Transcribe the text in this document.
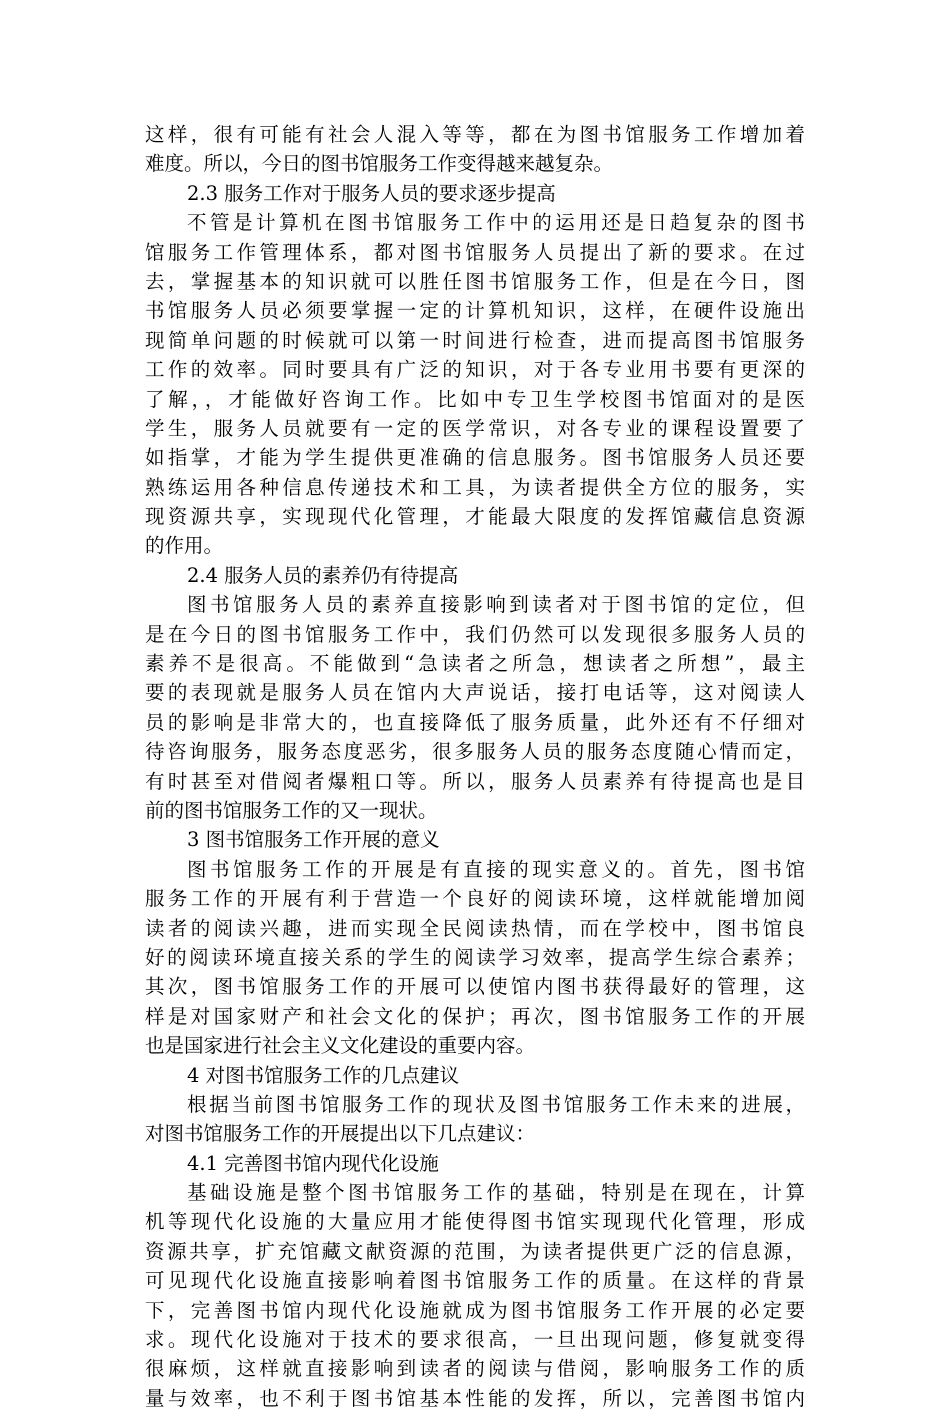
这样，很有可能有社会人混入等等，都在为图书馆服务工作增加着
难度。所以，今日的图书馆服务工作变得越来越复杂。
2.3 服务工作对于服务人员的要求逐步提高
不管是计算机在图书馆服务工作中的运用还是日趋复杂的图书
馆服务工作管理体系，都对图书馆服务人员提出了新的要求。在过
去，掌握基本的知识就可以胜任图书馆服务工作，但是在今日，图
书馆服务人员必须要掌握一定的计算机知识，这样，在硬件设施出
现简单问题的时候就可以第一时间进行检查，进而提高图书馆服务
工作的效率。同时要具有广泛的知识，对于各专业用书要有更深的
了解，，才能做好咨询工作。比如中专卫生学校图书馆面对的是医
学生，服务人员就要有一定的医学常识，对各专业的课程设置要了
如指掌，才能为学生提供更准确的信息服务。图书馆服务人员还要
熟练运用各种信息传递技术和工具，为读者提供全方位的服务，实
现资源共享，实现现代化管理，才能最大限度的发挥馆藏信息资源
的作用。
2.4 服务人员的素养仍有待提高
图书馆服务人员的素养直接影响到读者对于图书馆的定位，但
是在今日的图书馆服务工作中，我们仍然可以发现很多服务人员的
素养不是很高。不能做到“急读者之所急，想读者之所想”，最主
要的表现就是服务人员在馆内大声说话，接打电话等，这对阅读人
员的影响是非常大的，也直接降低了服务质量，此外还有不仔细对
待咨询服务，服务态度恶劣，很多服务人员的服务态度随心情而定，
有时甚至对借阅者爆粗口等。所以，服务人员素养有待提高也是目
前的图书馆服务工作的又一现状。
3 图书馆服务工作开展的意义
图书馆服务工作的开展是有直接的现实意义的。首先，图书馆
服务工作的开展有利于营造一个良好的阅读环境，这样就能增加阅
读者的阅读兴趣，进而实现全民阅读热情，而在学校中，图书馆良
好的阅读环境直接关系的学生的阅读学习效率，提高学生综合素养；
其次，图书馆服务工作的开展可以使馆内图书获得最好的管理，这
样是对国家财产和社会文化的保护；再次，图书馆服务工作的开展
也是国家进行社会主义文化建设的重要内容。
4 对图书馆服务工作的几点建议
根据当前图书馆服务工作的现状及图书馆服务工作未来的进展，
对图书馆服务工作的开展提出以下几点建议：
4.1 完善图书馆内现代化设施
基础设施是整个图书馆服务工作的基础，特别是在现在，计算
机等现代化设施的大量应用才能使得图书馆实现现代化管理，形成
资源共享，扩充馆藏文献资源的范围，为读者提供更广泛的信息源，
可见现代化设施直接影响着图书馆服务工作的质量。在这样的背景
下，完善图书馆内现代化设施就成为图书馆服务工作开展的必定要
求。现代化设施对于技术的要求很高，一旦出现问题，修复就变得
很麻烦，这样就直接影响到读者的阅读与借阅，影响服务工作的质
量与效率，也不利于图书馆基本性能的发挥，所以，完善图书馆内
